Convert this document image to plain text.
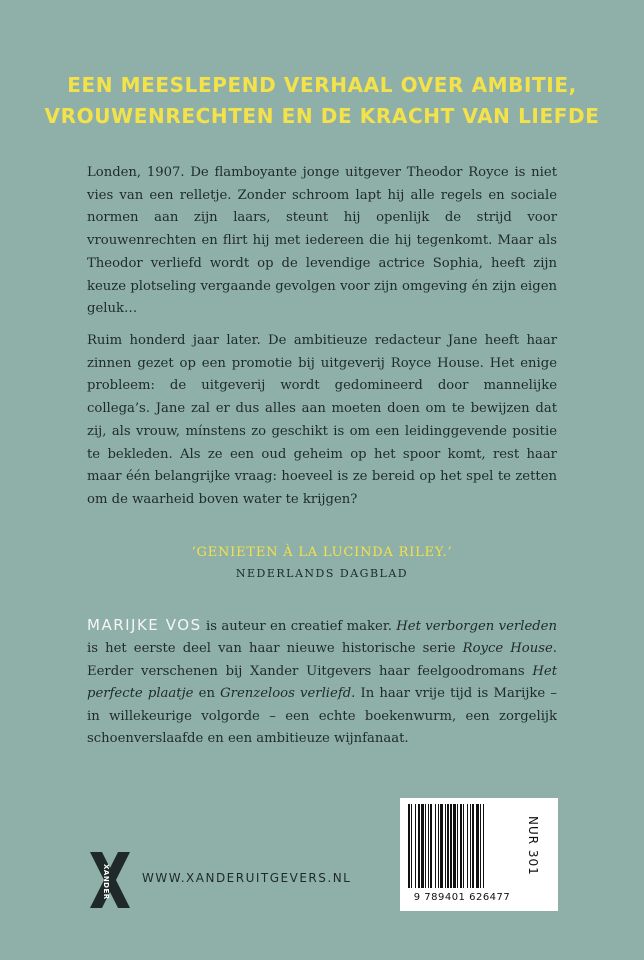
EEN MEESLEPEND VERHAAL OVER AMBITIE,
VROUWENRECHTEN EN DE KRACHT VAN LIEFDE

Londen, 1907. De flamboyante jonge uitgever Theodor Royce is niet vies van een relletje. Zonder schroom lapt hij alle regels en sociale normen aan zijn laars, steunt hij openlijk de strijd voor vrouwenrechten en flirt hij met iedereen die hij tegenkomt. Maar als Theodor verliefd wordt op de levendige actrice Sophia, heeft zijn keuze plotseling vergaande gevolgen voor zijn omgeving én zijn eigen geluk…

Ruim honderd jaar later. De ambitieuze redacteur Jane heeft haar zinnen gezet op een promotie bij uitgeverij Royce House. Het enige probleem: de uitgeverij wordt gedomineerd door mannelijke collega’s. Jane zal er dus alles aan moeten doen om te bewijzen dat zij, als vrouw, mínstens zo geschikt is om een leidinggevende positie te bekleden. Als ze een oud geheim op het spoor komt, rest haar maar één belangrijke vraag: hoeveel is ze bereid op het spel te zetten om de waarheid boven water te krijgen?

‘GENIETEN À LA LUCINDA RILEY.’
NEDERLANDS DAGBLAD

MARIJKE VOS is auteur en creatief maker. Het verborgen verleden is het eerste deel van haar nieuwe historische serie Royce House. Eerder verschenen bij Xander Uitgevers haar feelgoodromans Het perfecte plaatje en Grenzeloos verliefd. In haar vrije tijd is Marijke – in willekeurige volgorde – een echte boekenwurm, een zorgelijk schoenverslaafde en een ambitieuze wijnfanaat.

NUR 301
9 789401 626477
XANDER	WWW.XANDERUITGEVERS.NL
